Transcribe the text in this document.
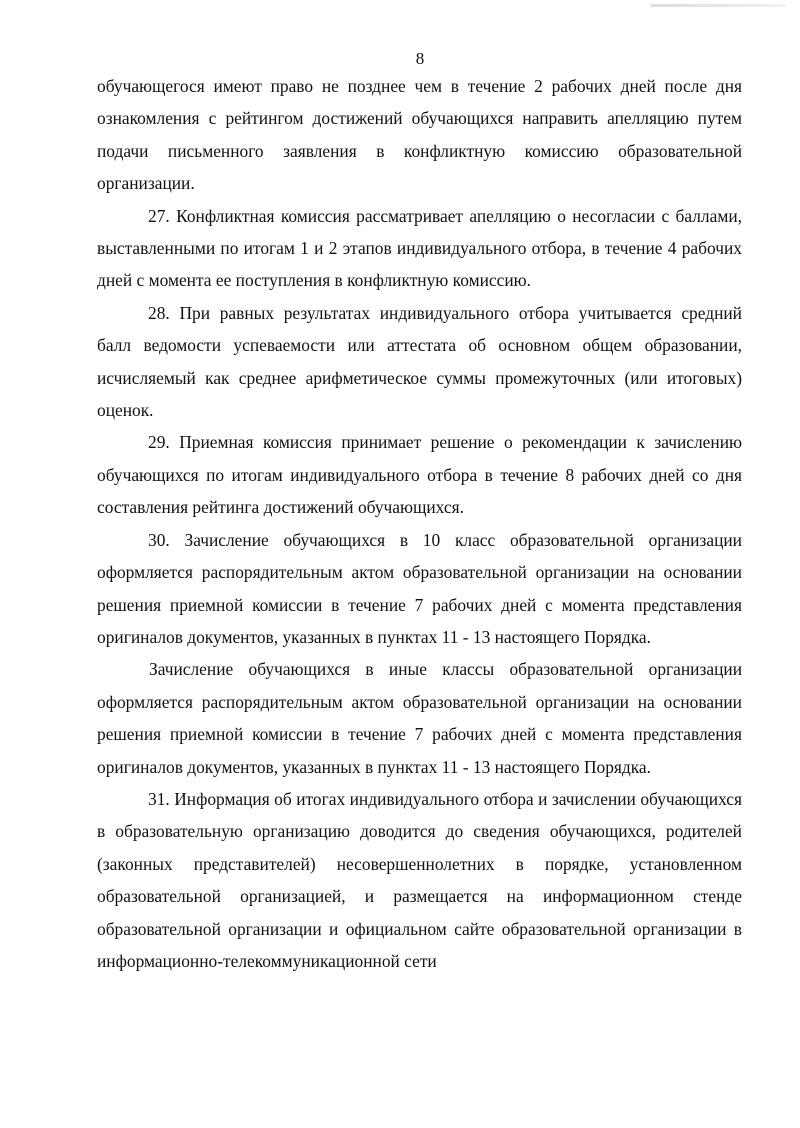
8

обучающегося имеют право не позднее чем в течение 2 рабочих дней после дня ознакомления с рейтингом достижений обучающихся направить апелляцию путем подачи письменного заявления в конфликтную комиссию образовательной организации.

27. Конфликтная комиссия рассматривает апелляцию о несогласии с баллами, выставленными по итогам 1 и 2 этапов индивидуального отбора, в течение 4 рабочих дней с момента ее поступления в конфликтную комиссию.

28. При равных результатах индивидуального отбора учитывается средний балл ведомости успеваемости или аттестата об основном общем образовании, исчисляемый как среднее арифметическое суммы промежуточных (или итоговых) оценок.

29. Приемная комиссия принимает решение о рекомендации к зачислению обучающихся по итогам индивидуального отбора в течение 8 рабочих дней со дня составления рейтинга достижений обучающихся.

30. Зачисление обучающихся в 10 класс образовательной организации оформляется распорядительным актом образовательной организации на основании решения приемной комиссии в течение 7 рабочих дней с момента представления оригиналов документов, указанных в пунктах 11 - 13 настоящего Порядка.

Зачисление обучающихся в иные классы образовательной организации оформляется распорядительным актом образовательной организации на основании решения приемной комиссии в течение 7 рабочих дней с момента представления оригиналов документов, указанных в пунктах 11 - 13 настоящего Порядка.

31. Информация об итогах индивидуального отбора и зачислении обучающихся в образовательную организацию доводится до сведения обучающихся, родителей (законных представителей) несовершеннолетних в порядке, установленном образовательной организацией, и размещается на информационном стенде образовательной организации и официальном сайте образовательной организации в информационно-телекоммуникационной сети
